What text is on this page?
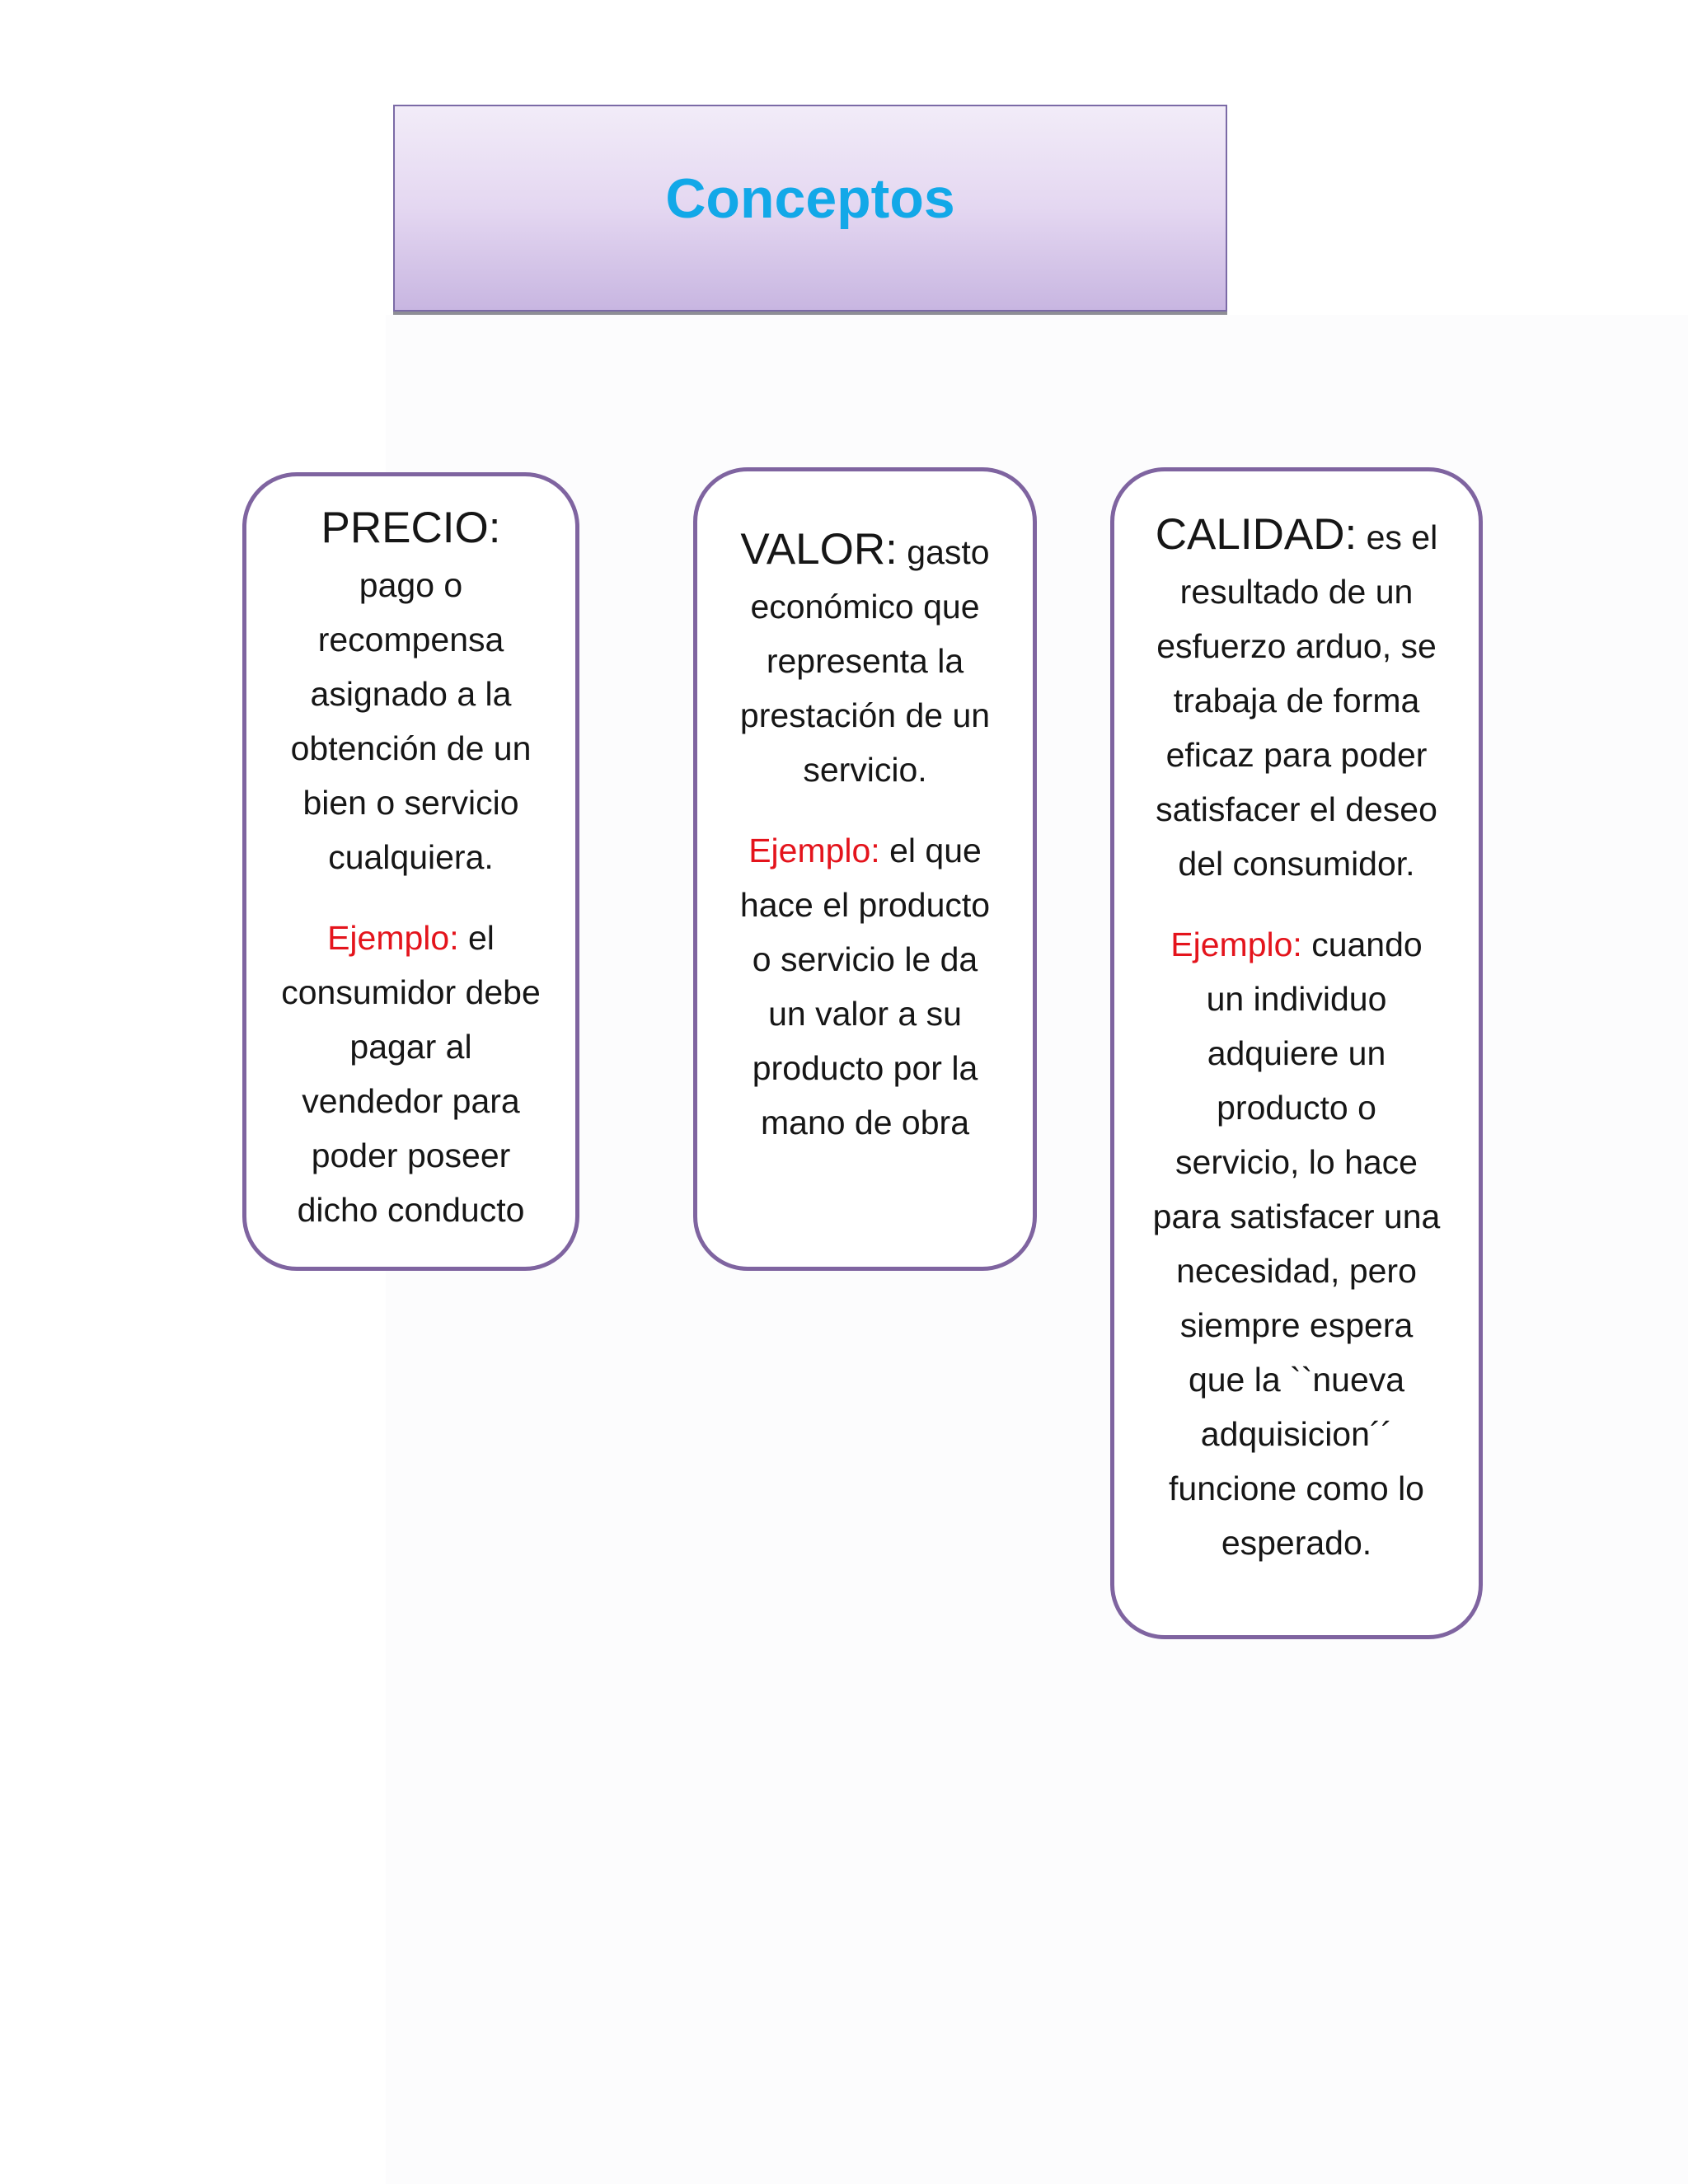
Conceptos

PRECIO: pago o recompensa asignado a la obtención de un bien o servicio cualquiera.

Ejemplo: el consumidor debe pagar al vendedor para poder poseer dicho conducto

VALOR: gasto económico que representa la prestación de un servicio.

Ejemplo: el que hace el producto o servicio le da un valor a su producto por la mano de obra

CALIDAD: es el resultado de un esfuerzo arduo, se trabaja de forma eficaz para poder satisfacer el deseo del consumidor.

Ejemplo: cuando un individuo adquiere un producto o servicio, lo hace para satisfacer una necesidad, pero siempre espera que la ``nueva adquisicion´´ funcione como lo esperado.
